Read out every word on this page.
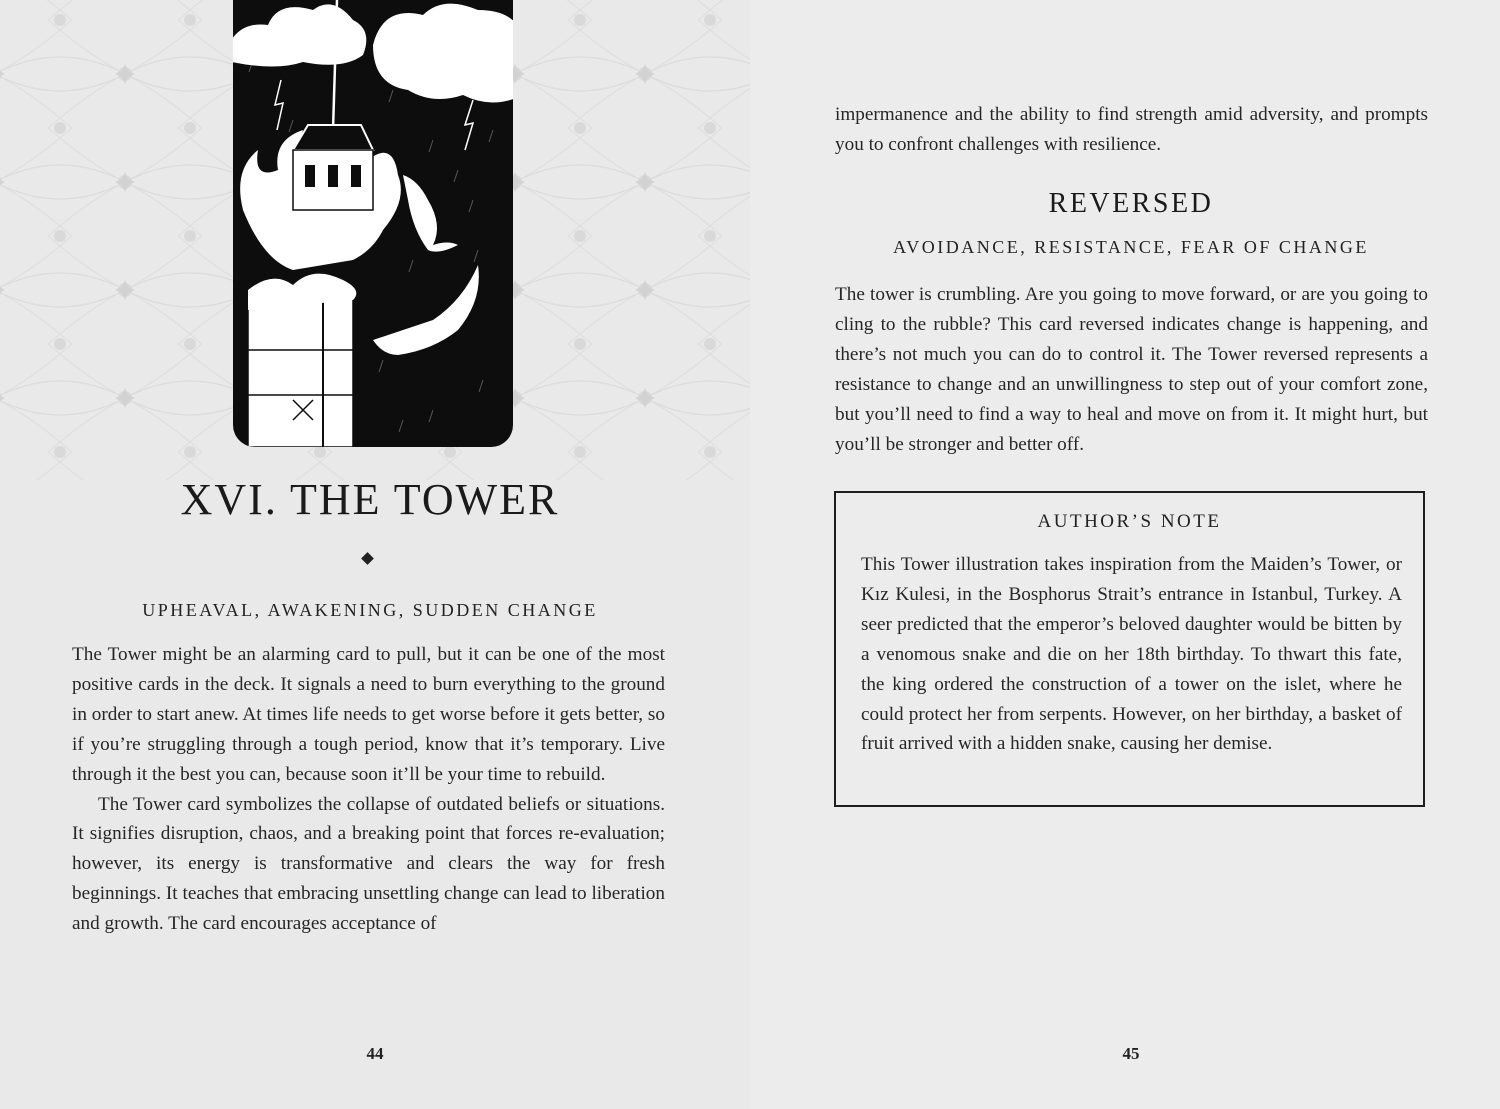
XVI. THE TOWER
UPHEAVAL, AWAKENING, SUDDEN CHANGE

The Tower might be an alarming card to pull, but it can be one of the most positive cards in the deck. It signals a need to burn everything to the ground in order to start anew. At times life needs to get worse before it gets better, so if you’re struggling through a tough period, know that it’s temporary. Live through it the best you can, because soon it’ll be your time to rebuild.

The Tower card symbolizes the collapse of outdated beliefs or situations. It signifies disruption, chaos, and a breaking point that forces re-evaluation; however, its energy is transformative and clears the way for fresh beginnings. It teaches that embracing unsettling change can lead to liberation and growth. The card encourages acceptance of

44
impermanence and the ability to find strength amid adversity, and prompts you to confront challenges with resilience.
REVERSED
AVOIDANCE, RESISTANCE, FEAR OF CHANGE
The tower is crumbling. Are you going to move forward, or are you going to cling to the rubble? This card reversed indicates change is happening, and there’s not much you can do to control it. The Tower reversed represents a resistance to change and an unwillingness to step out of your comfort zone, but you’ll need to find a way to heal and move on from it. It might hurt, but you’ll be stronger and better off.
AUTHOR’S NOTE
This Tower illustration takes inspiration from the Maiden’s Tower, or Kız Kulesi, in the Bosphorus Strait’s entrance in Istanbul, Turkey. A seer predicted that the emperor’s beloved daughter would be bitten by a venomous snake and die on her 18th birthday. To thwart this fate, the king ordered the construction of a tower on the islet, where he could protect her from serpents. However, on her birthday, a basket of fruit arrived with a hidden snake, causing her demise.
45
